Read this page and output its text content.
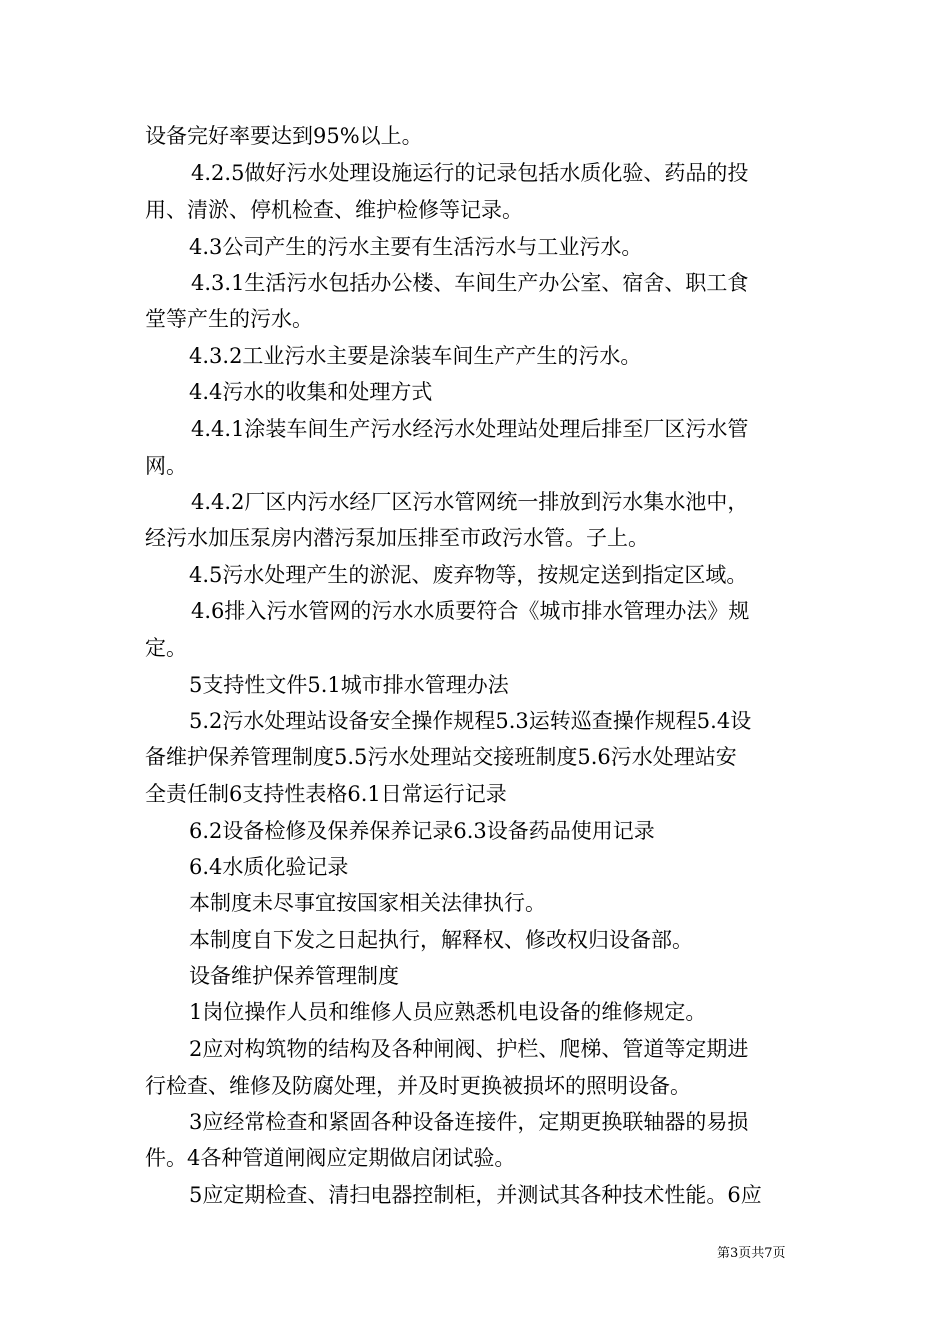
设备完好率要达到95%以上。
4.2.5做好污水处理设施运行的记录包括水质化验、药品的投
用、清淤、停机检查、维护检修等记录。
4.3公司产生的污水主要有生活污水与工业污水。
4.3.1生活污水包括办公楼、车间生产办公室、宿舍、职工食
堂等产生的污水。
4.3.2工业污水主要是涂装车间生产产生的污水。
4.4污水的收集和处理方式
4.4.1涂装车间生产污水经污水处理站处理后排至厂区污水管
网。
4.4.2厂区内污水经厂区污水管网统一排放到污水集水池中，
经污水加压泵房内潜污泵加压排至市政污水管。子上。
4.5污水处理产生的淤泥、废弃物等，按规定送到指定区域。
4.6排入污水管网的污水水质要符合《城市排水管理办法》规
定。
5支持性文件5.1城市排水管理办法
5.2污水处理站设备安全操作规程5.3运转巡查操作规程5.4设
备维护保养管理制度5.5污水处理站交接班制度5.6污水处理站安
全责任制6支持性表格6.1日常运行记录
6.2设备检修及保养保养记录6.3设备药品使用记录
6.4水质化验记录
本制度未尽事宜按国家相关法律执行。
本制度自下发之日起执行，解释权、修改权归设备部。
设备维护保养管理制度
1岗位操作人员和维修人员应熟悉机电设备的维修规定。
2应对构筑物的结构及各种闸阀、护栏、爬梯、管道等定期进
行检查、维修及防腐处理，并及时更换被损坏的照明设备。
3应经常检查和紧固各种设备连接件，定期更换联轴器的易损
件。4各种管道闸阀应定期做启闭试验。
5应定期检查、清扫电器控制柜，并测试其各种技术性能。6应
第3页共7页
